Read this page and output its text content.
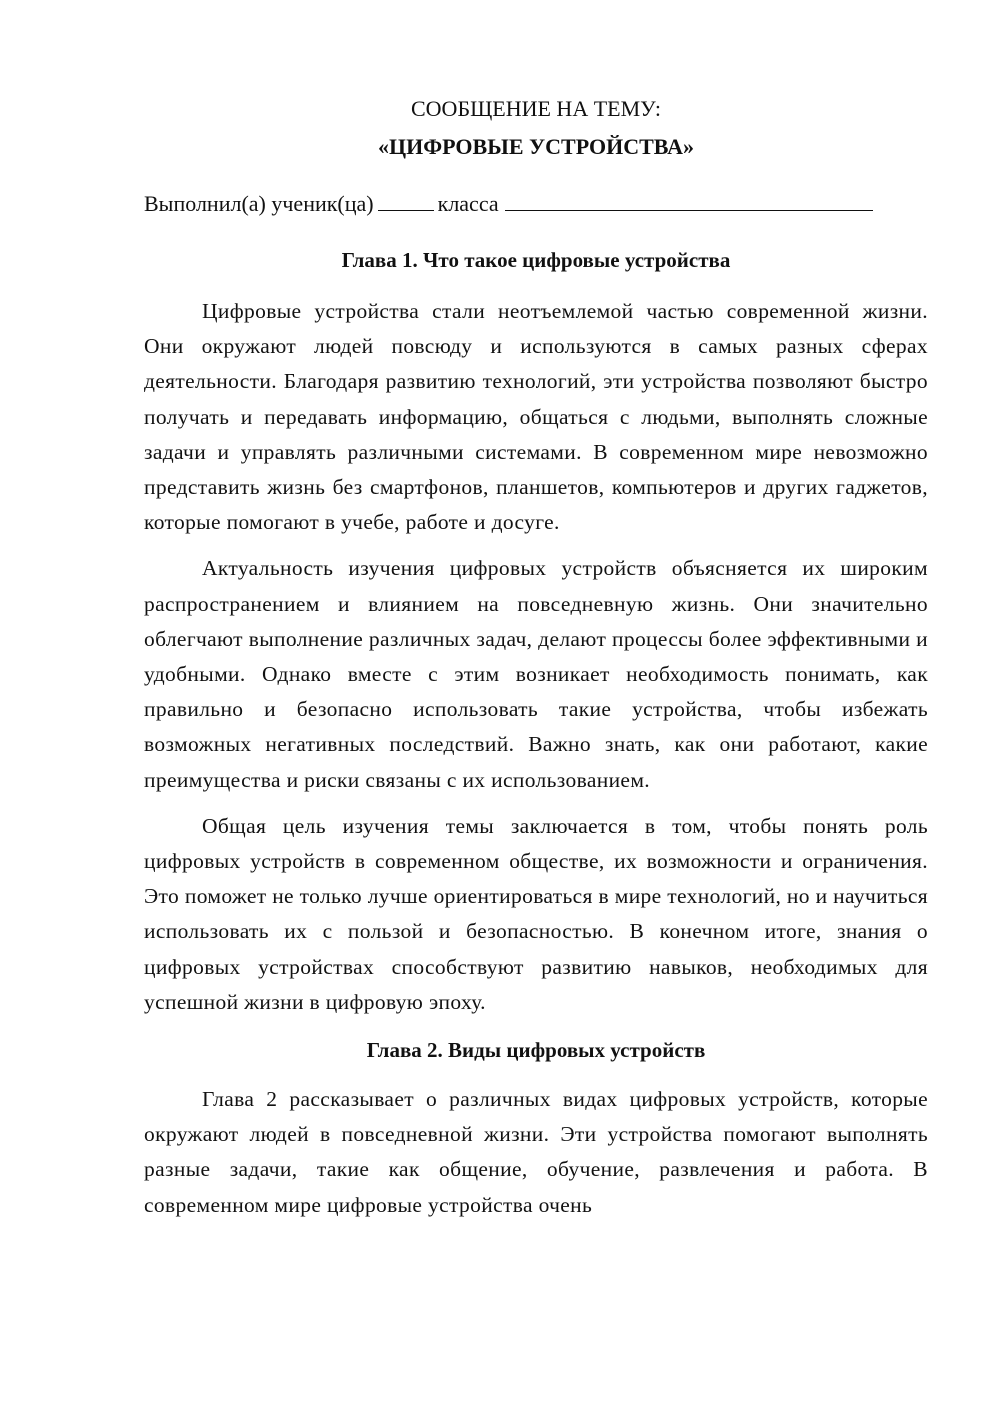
СООБЩЕНИЕ НА ТЕМУ:

«ЦИФРОВЫЕ УСТРОЙСТВА»

Выполнил(а) ученик(ца)	класса

Глава 1. Что такое цифровые устройства

Цифровые устройства стали неотъемлемой частью современной жизни. Они окружают людей повсюду и используются в самых разных сферах деятельности. Благодаря развитию технологий, эти устройства позволяют быстро получать и передавать информацию, общаться с людьми, выполнять сложные задачи и управлять различными системами. В современном мире невозможно представить жизнь без смартфонов, планшетов, компьютеров и других гаджетов, которые помогают в учебе, работе и досуге.

Актуальность изучения цифровых устройств объясняется их широким распространением и влиянием на повседневную жизнь. Они значительно облегчают выполнение различных задач, делают процессы более эффективными и удобными. Однако вместе с этим возникает необходимость понимать, как правильно и безопасно использовать такие устройства, чтобы избежать возможных негативных последствий. Важно знать, как они работают, какие преимущества и риски связаны с их использованием.

Общая цель изучения темы заключается в том, чтобы понять роль цифровых устройств в современном обществе, их возможности и ограничения. Это поможет не только лучше ориентироваться в мире технологий, но и научиться использовать их с пользой и безопасностью. В конечном итоге, знания о цифровых устройствах способствуют развитию навыков, необходимых для успешной жизни в цифровую эпоху.

Глава 2. Виды цифровых устройств

Глава 2 рассказывает о различных видах цифровых устройств, которые окружают людей в повседневной жизни. Эти устройства помогают выполнять разные задачи, такие как общение, обучение, развлечения и работа. В современном мире цифровые устройства очень
